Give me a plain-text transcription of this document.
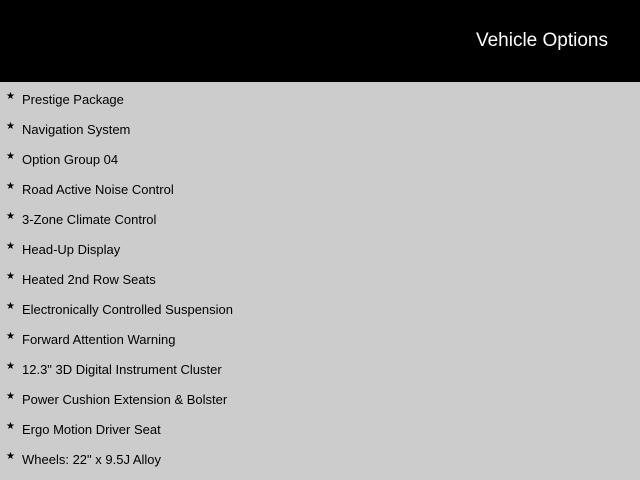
Vehicle Options
★ Prestige Package
★ Navigation System
★ Option Group 04
★ Road Active Noise Control
★ 3-Zone Climate Control
★ Head-Up Display
★ Heated 2nd Row Seats
★ Electronically Controlled Suspension
★ Forward Attention Warning
★ 12.3" 3D Digital Instrument Cluster
★ Power Cushion Extension & Bolster
★ Ergo Motion Driver Seat
★ Wheels: 22" x 9.5J Alloy
